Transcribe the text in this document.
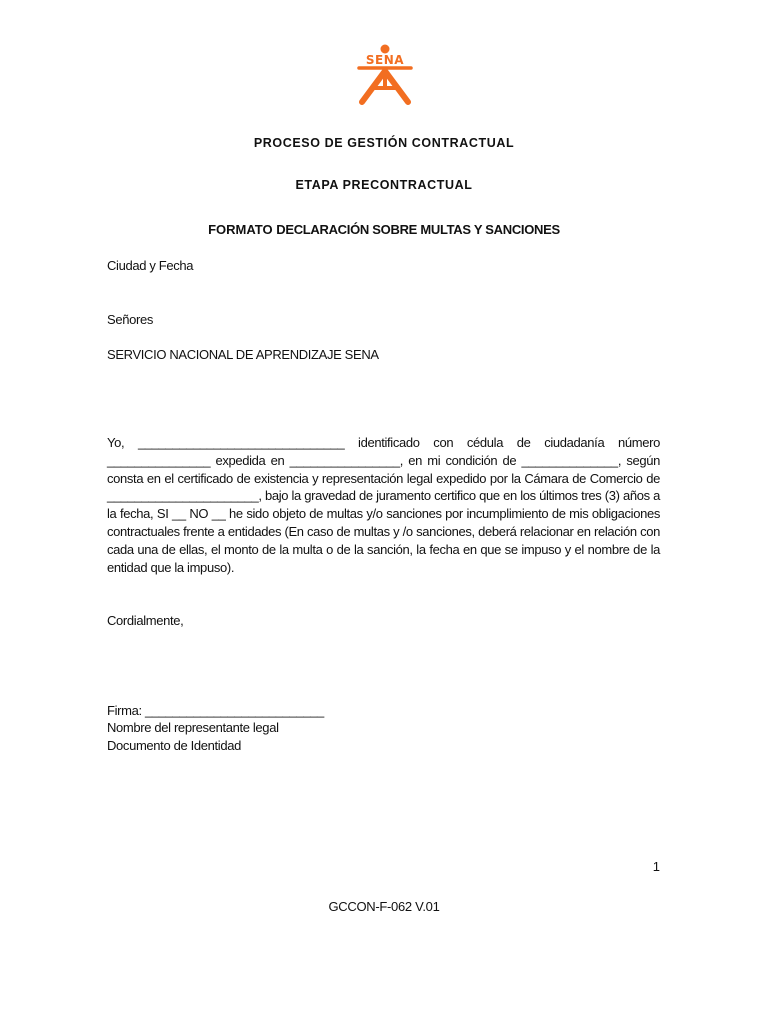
SENA

PROCESO DE GESTIÓN CONTRACTUAL

ETAPA PRECONTRACTUAL

FORMATO DECLARACIÓN SOBRE MULTAS Y SANCIONES

Ciudad y Fecha

Señores

SERVICIO NACIONAL DE APRENDIZAJE SENA

Yo, ______________________________ identificado con cédula de ciudadanía número _______________ expedida en ________________, en mi condición de ______________, según consta en el certificado de existencia y representación legal expedido por la Cámara de Comercio de ______________________, bajo la gravedad de juramento certifico que en los últimos tres (3) años a la fecha, SI __ NO __ he sido objeto de multas y/o sanciones por incumplimiento de mis obligaciones contractuales frente a entidades (En caso de multas y /o sanciones, deberá relacionar en relación con cada una de ellas, el monto de la multa o de la sanción, la fecha en que se impuso y el nombre de la entidad que la impuso).

Cordialmente,

Firma: __________________________

Nombre del representante legal

Documento de Identidad

1

GCCON-F-062 V.01
